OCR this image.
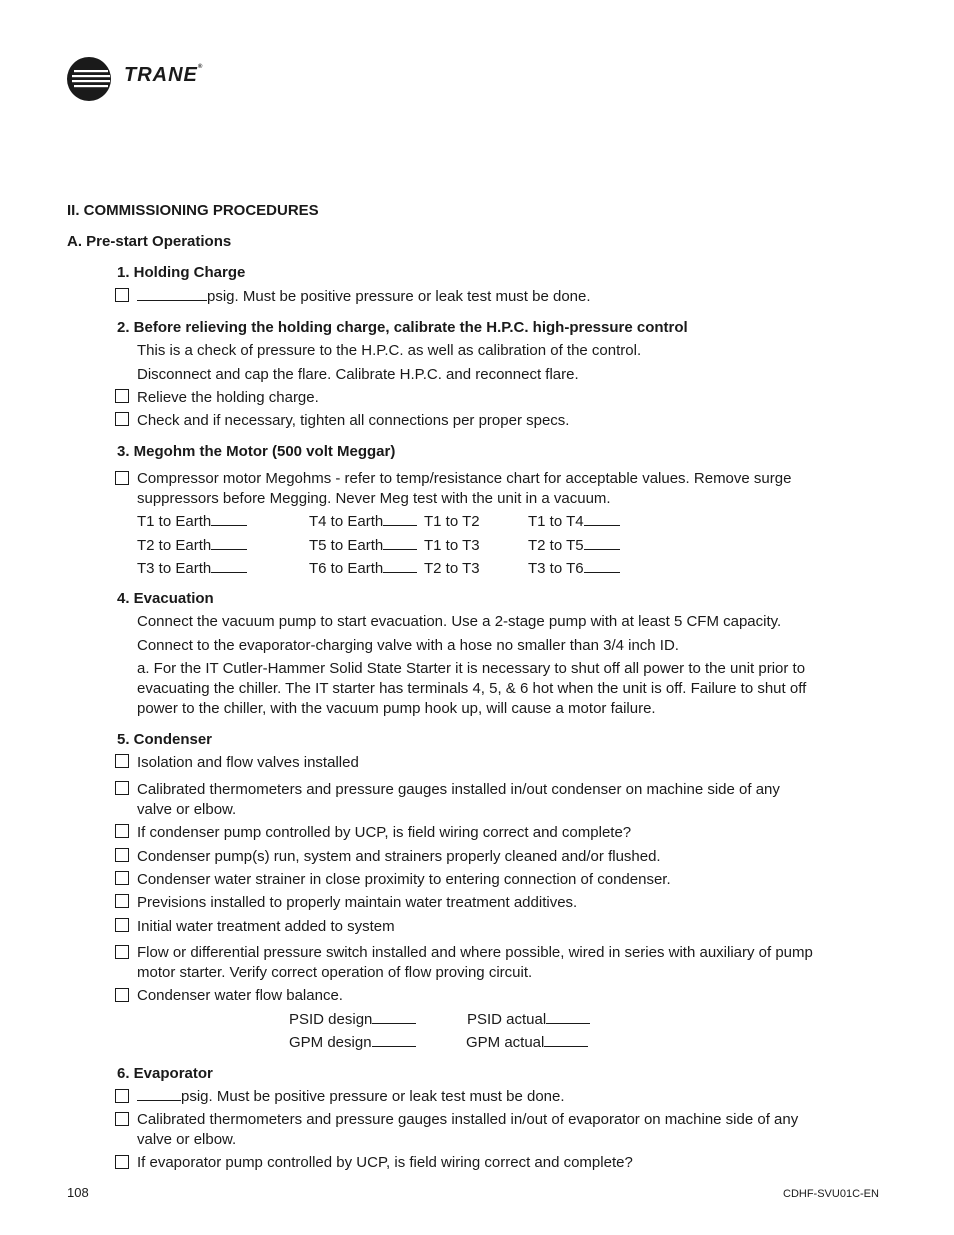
TRANE®
II. COMMISSIONING PROCEDURES
A. Pre-start Operations
1. Holding Charge
psig. Must be positive pressure or leak test must be done.
2. Before relieving the holding charge, calibrate the H.P.C. high-pressure control
This is a check of pressure to the H.P.C. as well as calibration of the control.
Disconnect and cap the flare. Calibrate H.P.C. and reconnect flare.
Relieve the holding charge.
Check and if necessary, tighten all connections per proper specs.
3. Megohm the Motor (500 volt Meggar)
Compressor motor Megohms - refer to temp/resistance chart for acceptable values. Remove surge
suppressors before Megging. Never Meg test with the unit in a vacuum.
T1 to Earth	T4 to Earth	T1 to T2	T1 to T4
T2 to Earth	T5 to Earth	T1 to T3	T2 to T5
T3 to Earth	T6 to Earth	T2 to T3	T3 to T6
4. Evacuation
Connect the vacuum pump to start evacuation. Use a 2-stage pump with at least 5 CFM capacity.
Connect to the evaporator-charging valve with a hose no smaller than 3/4 inch ID.
a. For the IT Cutler-Hammer Solid State Starter it is necessary to shut off all power to the unit prior to
evacuating the chiller. The IT starter has terminals 4, 5, & 6 hot when the unit is off. Failure to shut off
power to the chiller, with the vacuum pump hook up, will cause a motor failure.
5. Condenser
Isolation and flow valves installed
Calibrated thermometers and pressure gauges installed in/out condenser on machine side of any
valve or elbow.
If condenser pump controlled by UCP, is field wiring correct and complete?
Condenser pump(s) run, system and strainers properly cleaned and/or flushed.
Condenser water strainer in close proximity to entering connection of condenser.
Previsions installed to properly maintain water treatment additives.
Initial water treatment added to system
Flow or differential pressure switch installed and where possible, wired in series with auxiliary of pump
motor starter. Verify correct operation of flow proving circuit.
Condenser water flow balance.
PSID design	PSID actual
GPM design	GPM actual
6. Evaporator
psig. Must be positive pressure or leak test must be done.
Calibrated thermometers and pressure gauges installed in/out of evaporator on machine side of any
valve or elbow.
If evaporator pump controlled by UCP, is field wiring correct and complete?
108	CDHF-SVU01C-EN
